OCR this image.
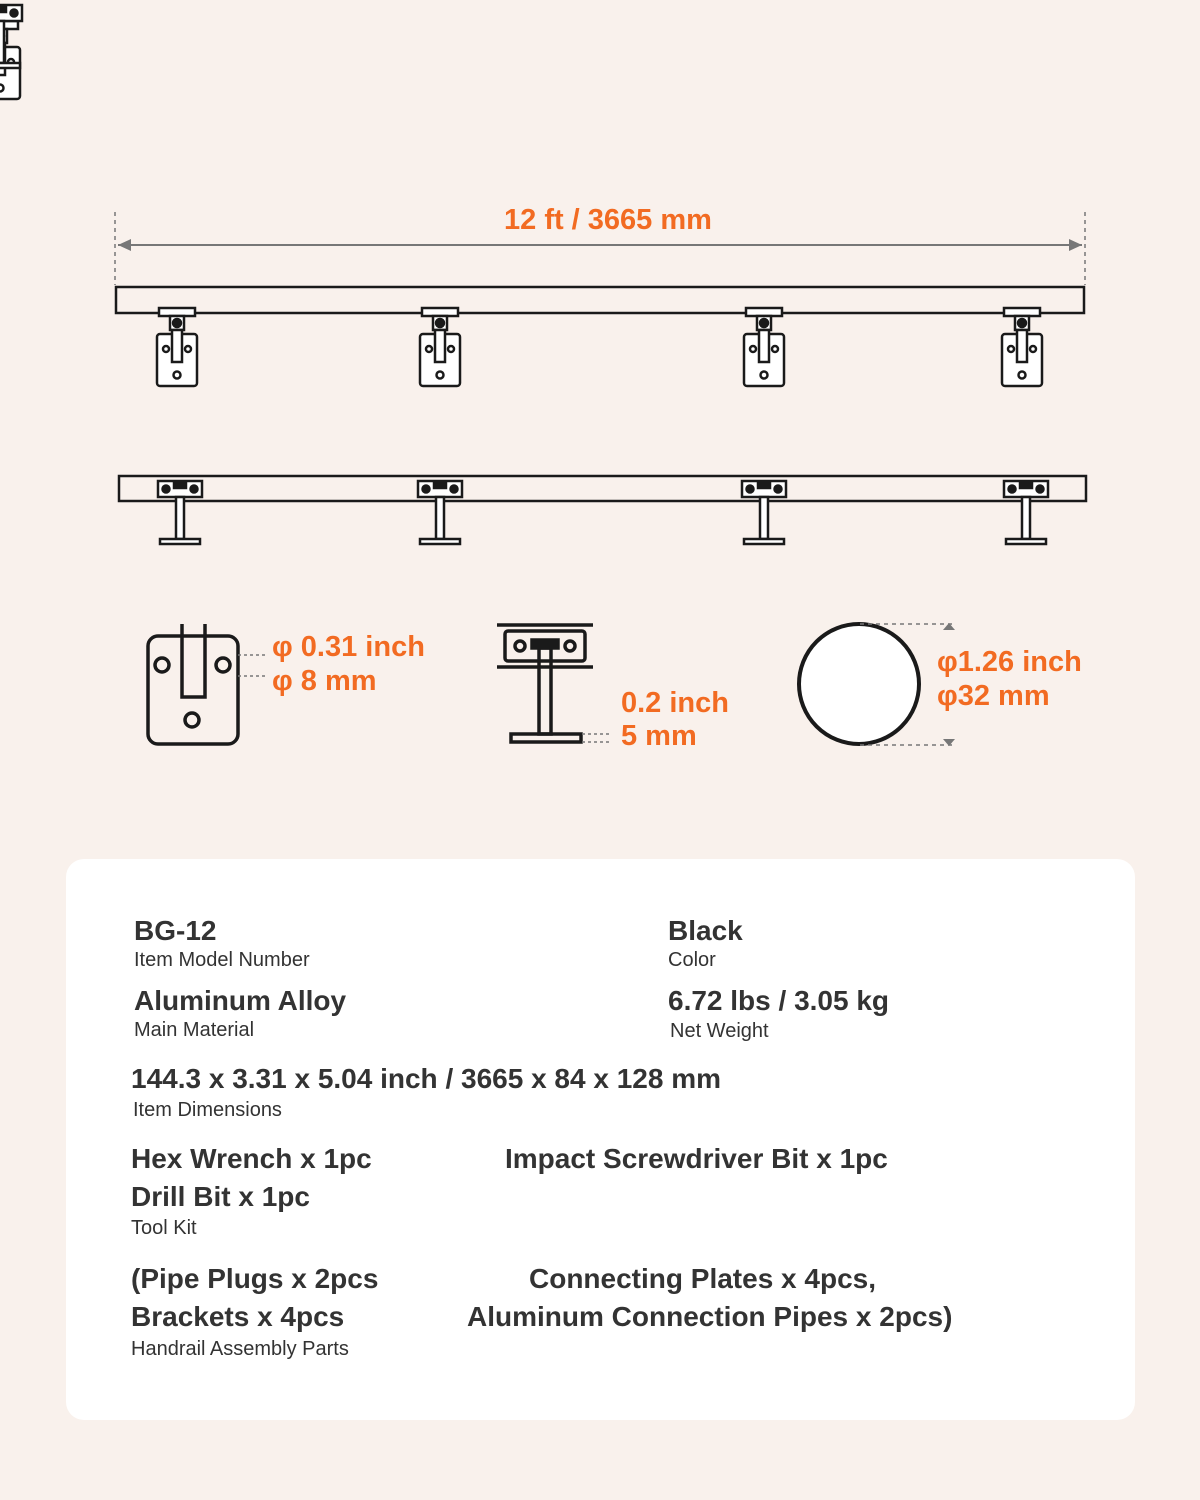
12 ft / 3665 mm
φ 0.31 inch
φ 8 mm
0.2 inch
5 mm
φ1.26 inch
φ32 mm
BG-12
Item Model Number
Black
Color
Aluminum Alloy
Main Material
6.72 lbs / 3.05 kg
Net Weight
144.3 x 3.31 x 5.04 inch / 3665 x 84 x 128 mm
Item Dimensions
Hex Wrench x 1pc	Impact Screwdriver Bit x 1pc
Drill Bit x 1pc
Tool Kit
(Pipe Plugs x 2pcs	Connecting Plates x 4pcs,
Brackets x 4pcs	Aluminum Connection Pipes x 2pcs)
Handrail Assembly Parts
